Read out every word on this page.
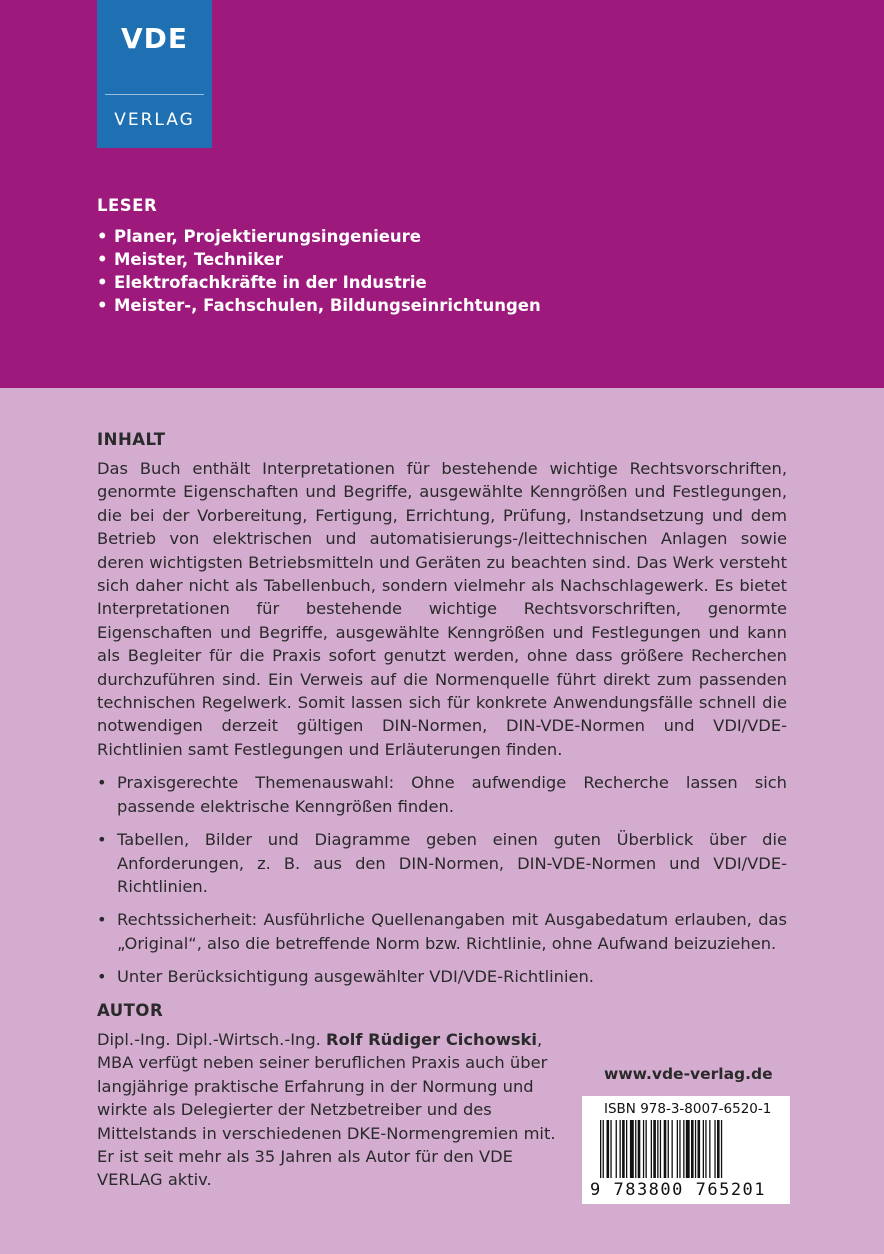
VDE
VERLAG
LESER
• Planer, Projektierungsingenieure
• Meister, Techniker
• Elektrofachkräfte in der Industrie
• Meister-, Fachschulen, Bildungseinrichtungen
INHALT

Das Buch enthält Interpretationen für bestehende wichtige Rechtsvorschriften, genormte Eigenschaften und Begriffe, ausgewählte Kenngrößen und Festlegungen, die bei der Vorbereitung, Fertigung, Errichtung, Prüfung, Instandsetzung und dem Betrieb von elektrischen und automatisierungs-/leittechnischen Anlagen sowie deren wichtigsten Betriebsmitteln und Geräten zu beachten sind. Das Werk versteht sich daher nicht als Tabellenbuch, sondern vielmehr als Nachschlagewerk. Es bietet Interpretationen für bestehende wichtige Rechtsvorschriften, genormte Eigenschaften und Begriffe, ausgewählte Kenngrößen und Festlegungen und kann als Begleiter für die Praxis sofort genutzt werden, ohne dass größere Recherchen durchzuführen sind. Ein Verweis auf die Normenquelle führt direkt zum passenden technischen Regelwerk. Somit lassen sich für konkrete Anwendungsfälle schnell die notwendigen derzeit gültigen DIN-Normen, DIN-VDE-Normen und VDI/VDE-Richtlinien samt Festlegungen und Erläuterungen finden.

• Praxisgerechte Themenauswahl: Ohne aufwendige Recherche lassen sich passende elektrische Kenngrößen finden.
• Tabellen, Bilder und Diagramme geben einen guten Überblick über die Anforderungen, z. B. aus den DIN-Normen, DIN-VDE-Normen und VDI/VDE-Richtlinien.
• Rechtssicherheit: Ausführliche Quellenangaben mit Ausgabedatum erlauben, das „Original“, also die betreffende Norm bzw. Richtlinie, ohne Aufwand beizuziehen.
• Unter Berücksichtigung ausgewählter VDI/VDE-Richtlinien.
AUTOR

Dipl.-Ing. Dipl.-Wirtsch.-Ing. Rolf Rüdiger Cichowski, MBA verfügt neben seiner beruflichen Praxis auch über langjährige praktische Erfahrung in der Normung und wirkte als Delegierter der Netzbetreiber und des Mittelstands in verschiedenen DKE-Normengremien mit. Er ist seit mehr als 35 Jahren als Autor für den VDE VERLAG aktiv.

www.vde-verlag.de
ISBN 978-3-8007-6520-1
9 783800 765201
